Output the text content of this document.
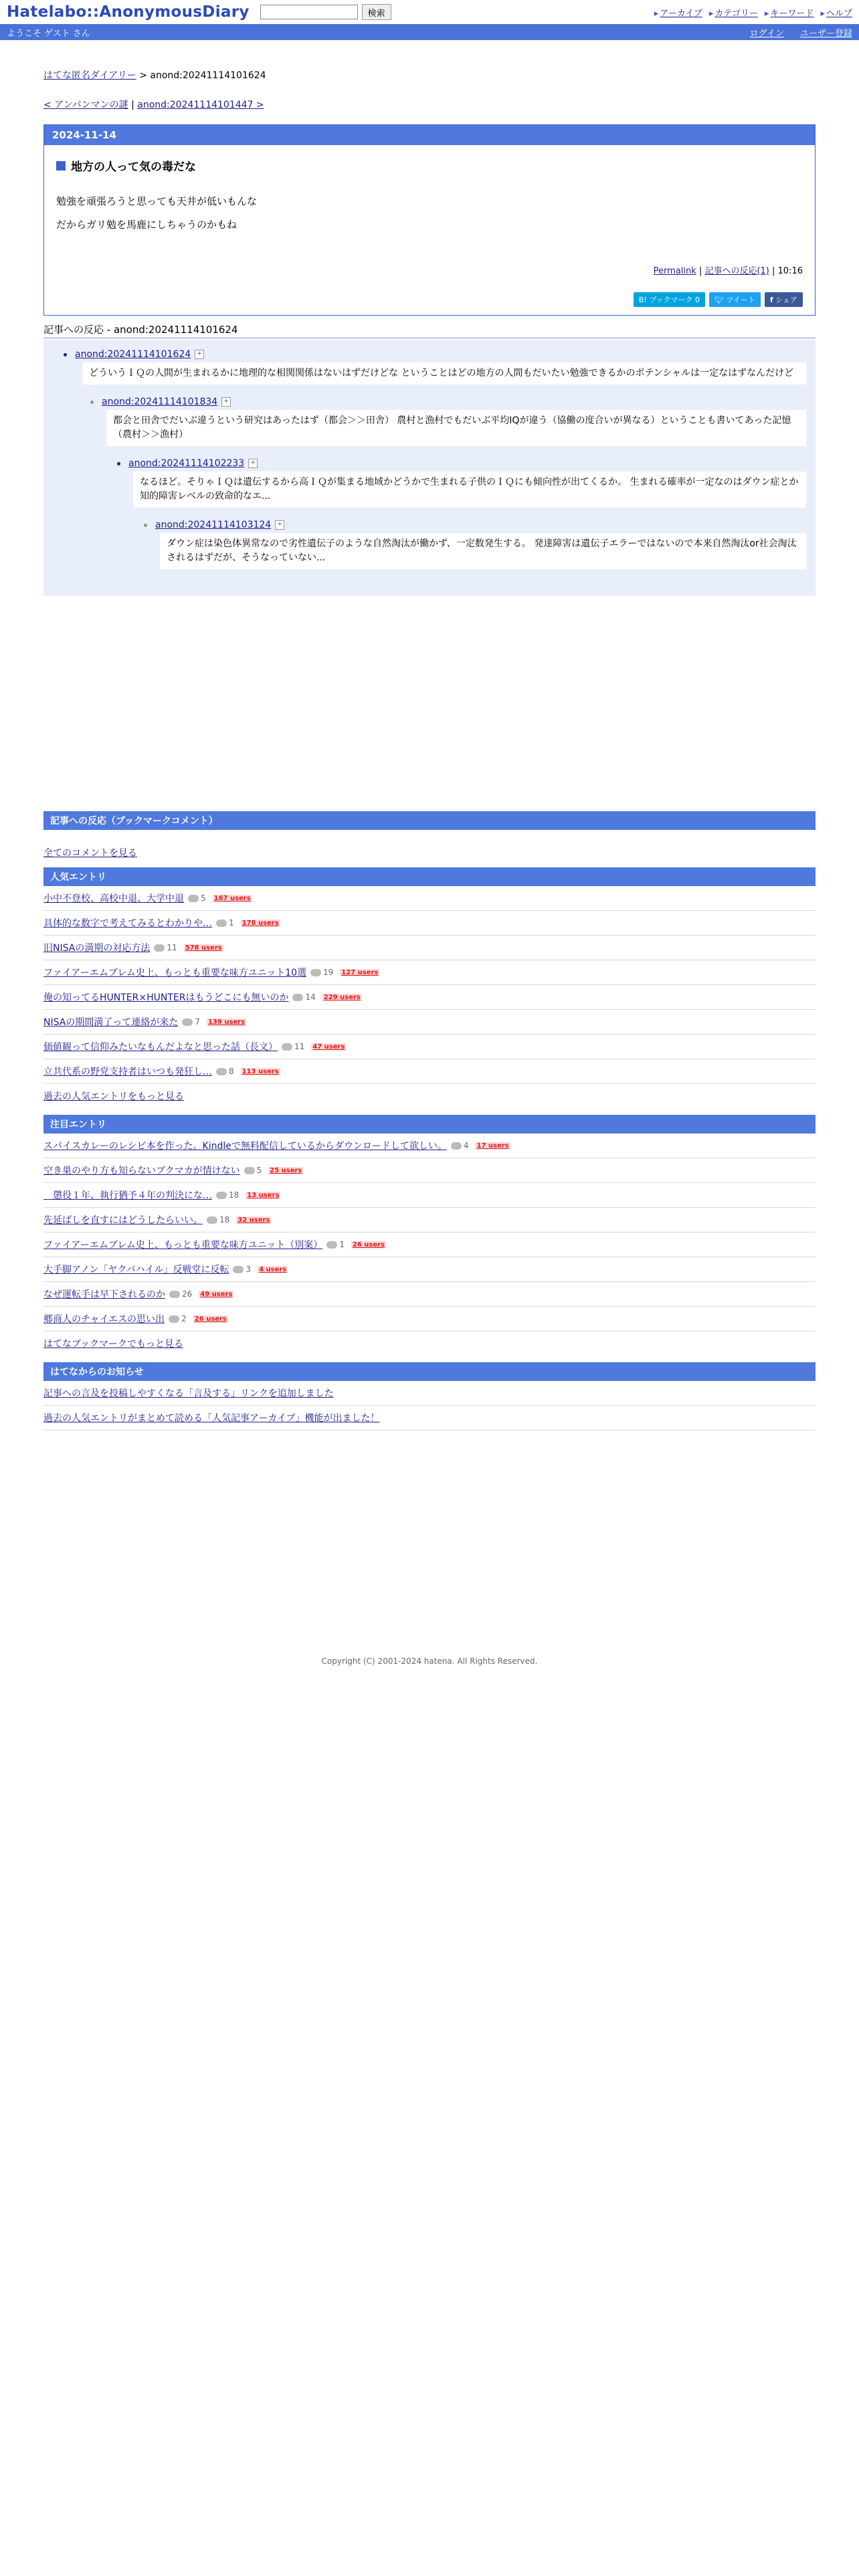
Hatelabo::AnonymousDiary	検索	▸ アーカイブ	▸ カテゴリー	▸ キーワード	▸ ヘルプ
ようこそ ゲスト さん	ログイン ユーザー登録
はてな匿名ダイアリー > anond:20241114101624
< アンパンマンの謎 | anond:20241114101447 >
2024-11-14
地方の人って気の毒だな

勉強を頑張ろうと思っても天井が低いもんな

だからガリ勉を馬鹿にしちゃうのかもね

Permalink | 記事への反応(1) | 10:16
B! ブックマーク 0	🐦︎ ツイート	f シェア
記事への反応 - anond:20241114101624
anond:20241114101624	+
どういうＩＱの人間が生まれるかに地理的な相関関係はないはずだけどな ということはどの地方の人間もだいたい勉強できるかのポテンシャルは一定なはずなんだけど
anond:20241114101834	+
都会と田舎でだいぶ違うという研究はあったはず（都会＞＞田舎） 農村と漁村でもだいぶ平均IQが違う（協働の度合いが異なる）ということも書いてあった記憶（農村＞＞漁村）
anond:20241114102233	+
なるほど。そりゃＩＱは遺伝するから高ＩＱが集まる地域かどうかで生まれる子供のＩＱにも傾向性が出てくるか。 生まれる確率が一定なのはダウン症とか知的障害レベルの致命的なエ...
anond:20241114103124	+
ダウン症は染色体異常なので劣性遺伝子のような自然淘汰が働かず、一定数発生する。 発達障害は遺伝子エラーではないので本来自然淘汰or社会淘汰されるはずだが、そうなっていない...
記事への反応（ブックマークコメント）
全てのコメントを見る
人気エントリ
小中不登校、高校中退、大学中退 5 167 users
具体的な数字で考えてみるとわかりや… 1 178 users
旧NISAの満期の対応方法 11 578 users
ファイアーエムブレム史上、もっとも重要な味方ユニット10選 19 127 users
俺の知ってるHUNTER×HUNTERはもうどこにも無いのか 14 229 users
NISAの期間満了って連絡が来た 7 139 users
価値観って信仰みたいなもんだよなと思った話（長文） 11 47 users
立共代系の野党支持者はいつも発狂し… 8 113 users
過去の人気エントリをもっと見る
注目エントリ
スパイスカレーのレシピ本を作った。Kindleで無料配信しているからダウンロードして欲しい。 4 17 users
空き巣のやり方も知らないブクマカが情けない 5 25 users
　懲役１年、執行猶予４年の判決にな… 18 13 users
先延ばしを直すにはどうしたらいい。 18 32 users
ファイアーエムブレム史上、もっとも重要な味方ユニット（別案） 1 26 users
大手脚アノン「ヤクバハイル」反戦堂に反転 3 4 users
なぜ運転手は早下されるのか 26 49 users
郷商人のチャイエスの思い出 2 26 users
はてなブックマークでもっと見る
はてなからのお知らせ
記事への言及を投稿しやすくなる「言及する」リンクを追加しました
過去の人気エントリがまとめて読める「人気記事アーカイブ」機能が出ました！
Copyright (C) 2001-2024 hatena. All Rights Reserved.
